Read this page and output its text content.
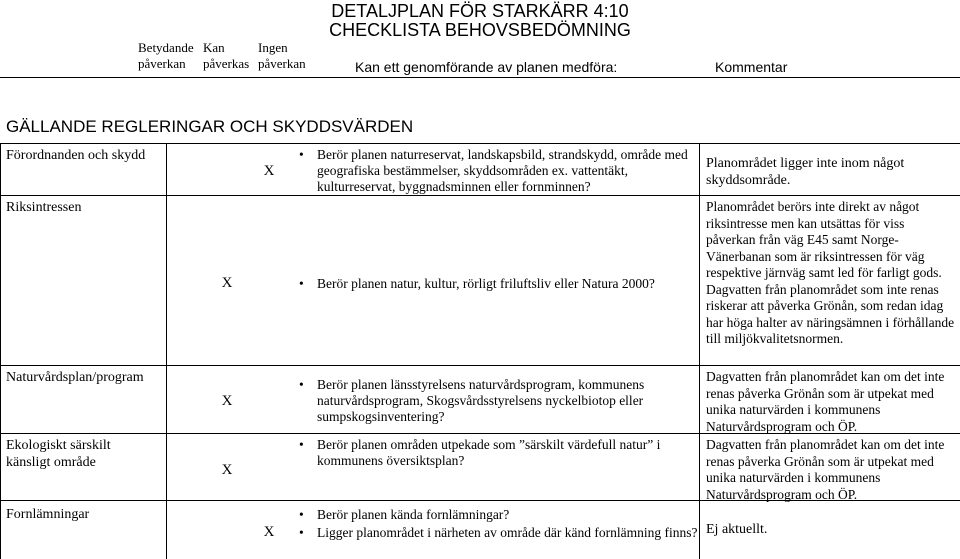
DETALJPLAN FÖR STARKÄRR 4:10
CHECKLISTA BEHOVSBEDÖMNING
Betydande påverkan
Kan påverkas
Ingen påverkan	Kan ett genomförande av planen medföra:	Kommentar
GÄLLANDE REGLERINGAR OCH SKYDDSVÄRDEN
Förordnanden och skydd
Riksintressen
Naturvårdsplan/program
Ekologiskt särskilt känsligt område
Fornlämningar
X
X
X
X
X
• Berör planen naturreservat, landskapsbild, strandskydd, område med geografiska bestämmelser, skyddsområden ex. vattentäkt, kulturreservat, byggnadsminnen eller fornminnen?
• Berör planen natur, kultur, rörligt friluftsliv eller Natura 2000?
• Berör planen länsstyrelsens naturvårdsprogram, kommunens naturvårdsprogram, Skogsvårdsstyrelsens nyckelbiotop eller sumpskogsinventering?
• Berör planen områden utpekade som ”särskilt värdefull natur” i kommunens översiktsplan?
• Berör planen kända fornlämningar?
• Ligger planområdet i närheten av område där känd fornlämning finns?
Planområdet ligger inte inom något skyddsområde.
Planområdet berörs inte direkt av något riksintresse men kan utsättas för viss påverkan från väg E45 samt Norge-Vänerbanan som är riksintressen för väg respektive järnväg samt led för farligt gods. Dagvatten från planområdet som inte renas riskerar att påverka Grönån, som redan idag har höga halter av näringsämnen i förhållande till miljökvalitetsnormen.
Dagvatten från planområdet kan om det inte renas påverka Grönån som är utpekat med unika naturvärden i kommunens Naturvårdsprogram och ÖP.
Dagvatten från planområdet kan om det inte renas påverka Grönån som är utpekat med unika naturvärden i kommunens Naturvårdsprogram och ÖP.
Ej aktuellt.
